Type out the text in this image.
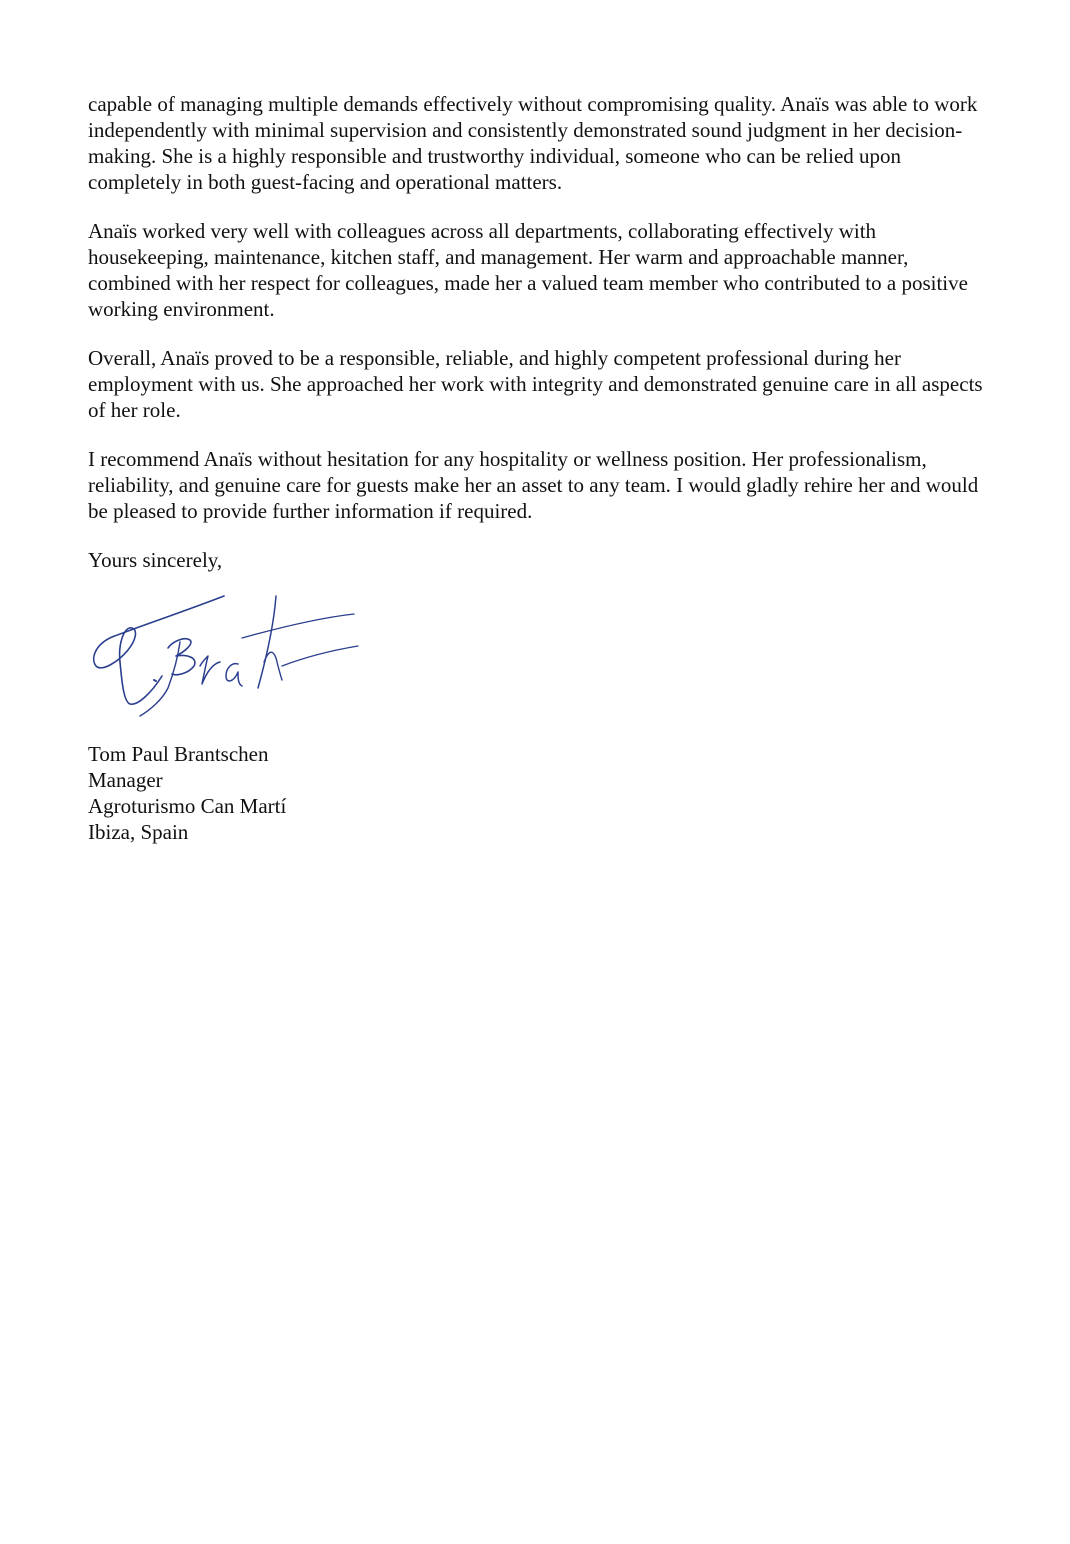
capable of managing multiple demands effectively without compromising quality. Anaïs was able to work independently with minimal supervision and consistently demonstrated sound judgment in her decision-making. She is a highly responsible and trustworthy individual, someone who can be relied upon completely in both guest-facing and operational matters.

Anaïs worked very well with colleagues across all departments, collaborating effectively with housekeeping, maintenance, kitchen staff, and management. Her warm and approachable manner, combined with her respect for colleagues, made her a valued team member who contributed to a positive working environment.

Overall, Anaïs proved to be a responsible, reliable, and highly competent professional during her employment with us. She approached her work with integrity and demonstrated genuine care in all aspects of her role.

I recommend Anaïs without hesitation for any hospitality or wellness position. Her professionalism, reliability, and genuine care for guests make her an asset to any team. I would gladly rehire her and would be pleased to provide further information if required.

Yours sincerely,

Tom Paul Brantschen
Manager
Agroturismo Can Martí
Ibiza, Spain
